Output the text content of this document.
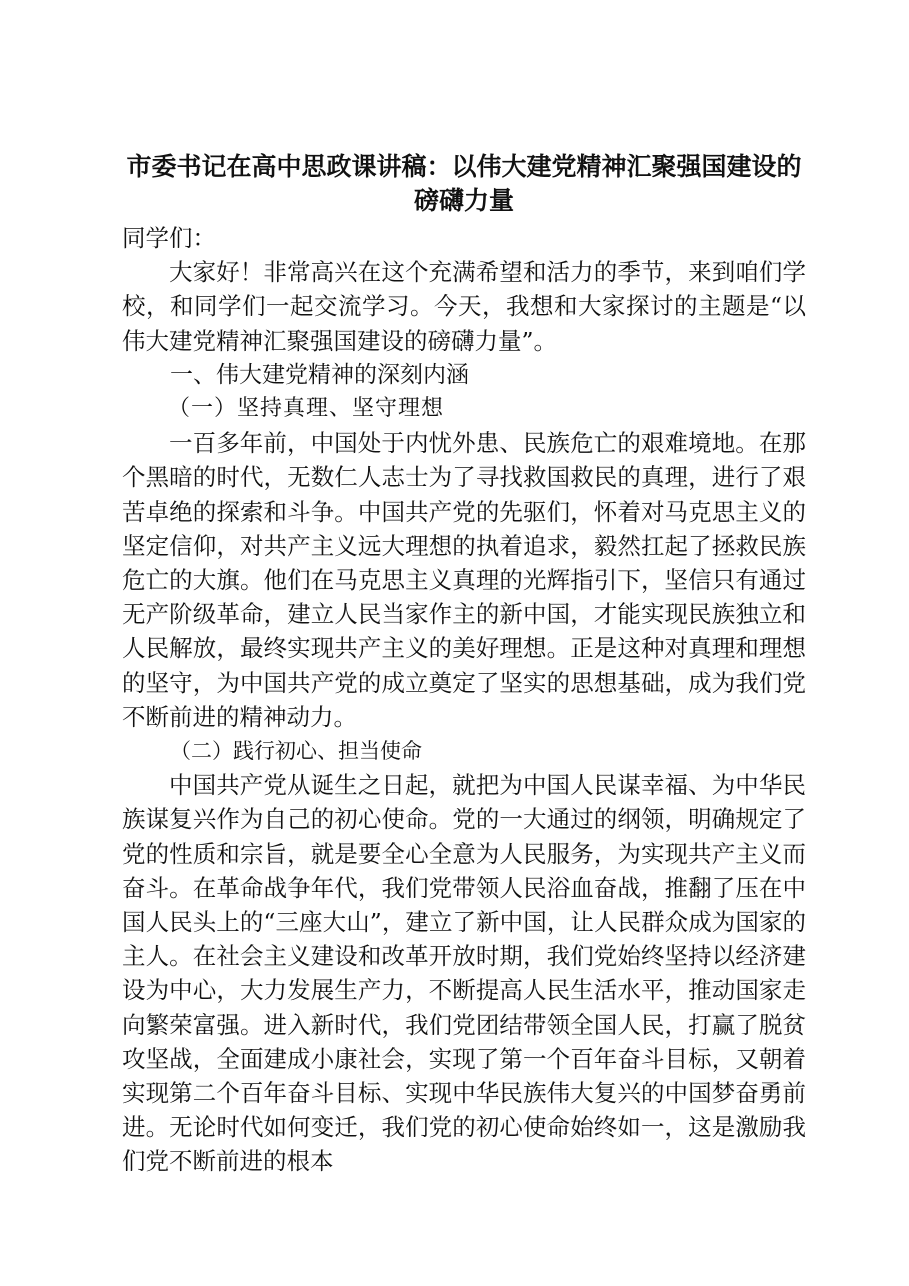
市委书记在高中思政课讲稿：以伟大建党精神汇聚强国建设的
磅礴力量

同学们：

大家好！非常高兴在这个充满希望和活力的季节，来到咱们学校，和同学们一起交流学习。今天，我想和大家探讨的主题是“以伟大建党精神汇聚强国建设的磅礴力量”。

一、伟大建党精神的深刻内涵

（一）坚持真理、坚守理想

一百多年前，中国处于内忧外患、民族危亡的艰难境地。在那个黑暗的时代，无数仁人志士为了寻找救国救民的真理，进行了艰苦卓绝的探索和斗争。中国共产党的先驱们，怀着对马克思主义的坚定信仰，对共产主义远大理想的执着追求，毅然扛起了拯救民族危亡的大旗。他们在马克思主义真理的光辉指引下，坚信只有通过无产阶级革命，建立人民当家作主的新中国，才能实现民族独立和人民解放，最终实现共产主义的美好理想。正是这种对真理和理想的坚守，为中国共产党的成立奠定了坚实的思想基础，成为我们党不断前进的精神动力。

（二）践行初心、担当使命

中国共产党从诞生之日起，就把为中国人民谋幸福、为中华民族谋复兴作为自己的初心使命。党的一大通过的纲领，明确规定了党的性质和宗旨，就是要全心全意为人民服务，为实现共产主义而奋斗。在革命战争年代，我们党带领人民浴血奋战，推翻了压在中国人民头上的“三座大山”，建立了新中国，让人民群众成为国家的主人。在社会主义建设和改革开放时期，我们党始终坚持以经济建设为中心，大力发展生产力，不断提高人民生活水平，推动国家走向繁荣富强。进入新时代，我们党团结带领全国人民，打赢了脱贫攻坚战，全面建成小康社会，实现了第一个百年奋斗目标，又朝着实现第二个百年奋斗目标、实现中华民族伟大复兴的中国梦奋勇前进。无论时代如何变迁，我们党的初心使命始终如一，这是激励我们党不断前进的根本
